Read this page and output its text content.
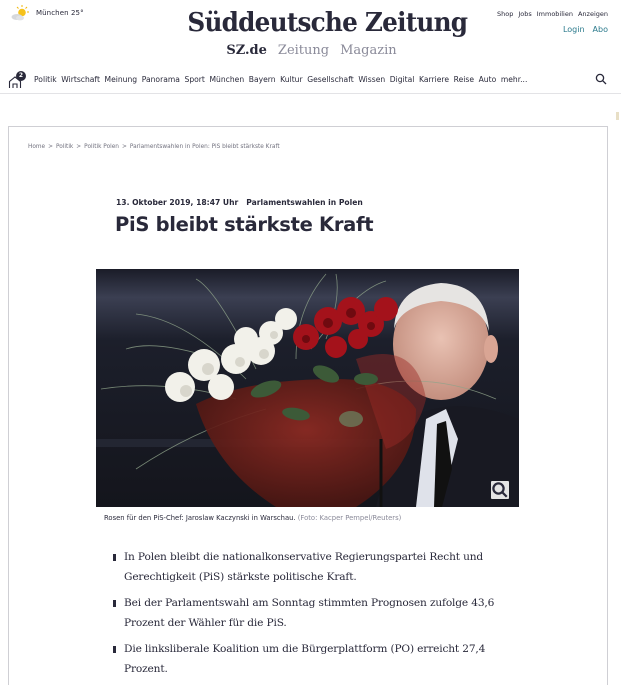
München 25°	Süddeutsche Zeitung
SZ.de Zeitung Magazin
Shop Jobs Immobilien Anzeigen
Login Abo
2	Politik Wirtschaft Meinung Panorama Sport München Bayern Kultur Gesellschaft Wissen Digital Karriere Reise Auto mehr...
Home > Politik > Politik Polen > Parlamentswahlen in Polen: PiS bleibt stärkste Kraft
13. Oktober 2019, 18:47 Uhr Parlamentswahlen in Polen
PiS bleibt stärkste Kraft
Rosen für den PiS-Chef: Jaroslaw Kaczynski in Warschau. (Foto: Kacper Pempel/Reuters)
In Polen bleibt die nationalkonservative Regierungspartei Recht und Gerechtigkeit (PiS) stärkste politische Kraft.
Bei der Parlamentswahl am Sonntag stimmten Prognosen zufolge 43,6 Prozent der Wähler für die PiS.
Die linksliberale Koalition um die Bürgerplattform (PO) erreicht 27,4 Prozent.
